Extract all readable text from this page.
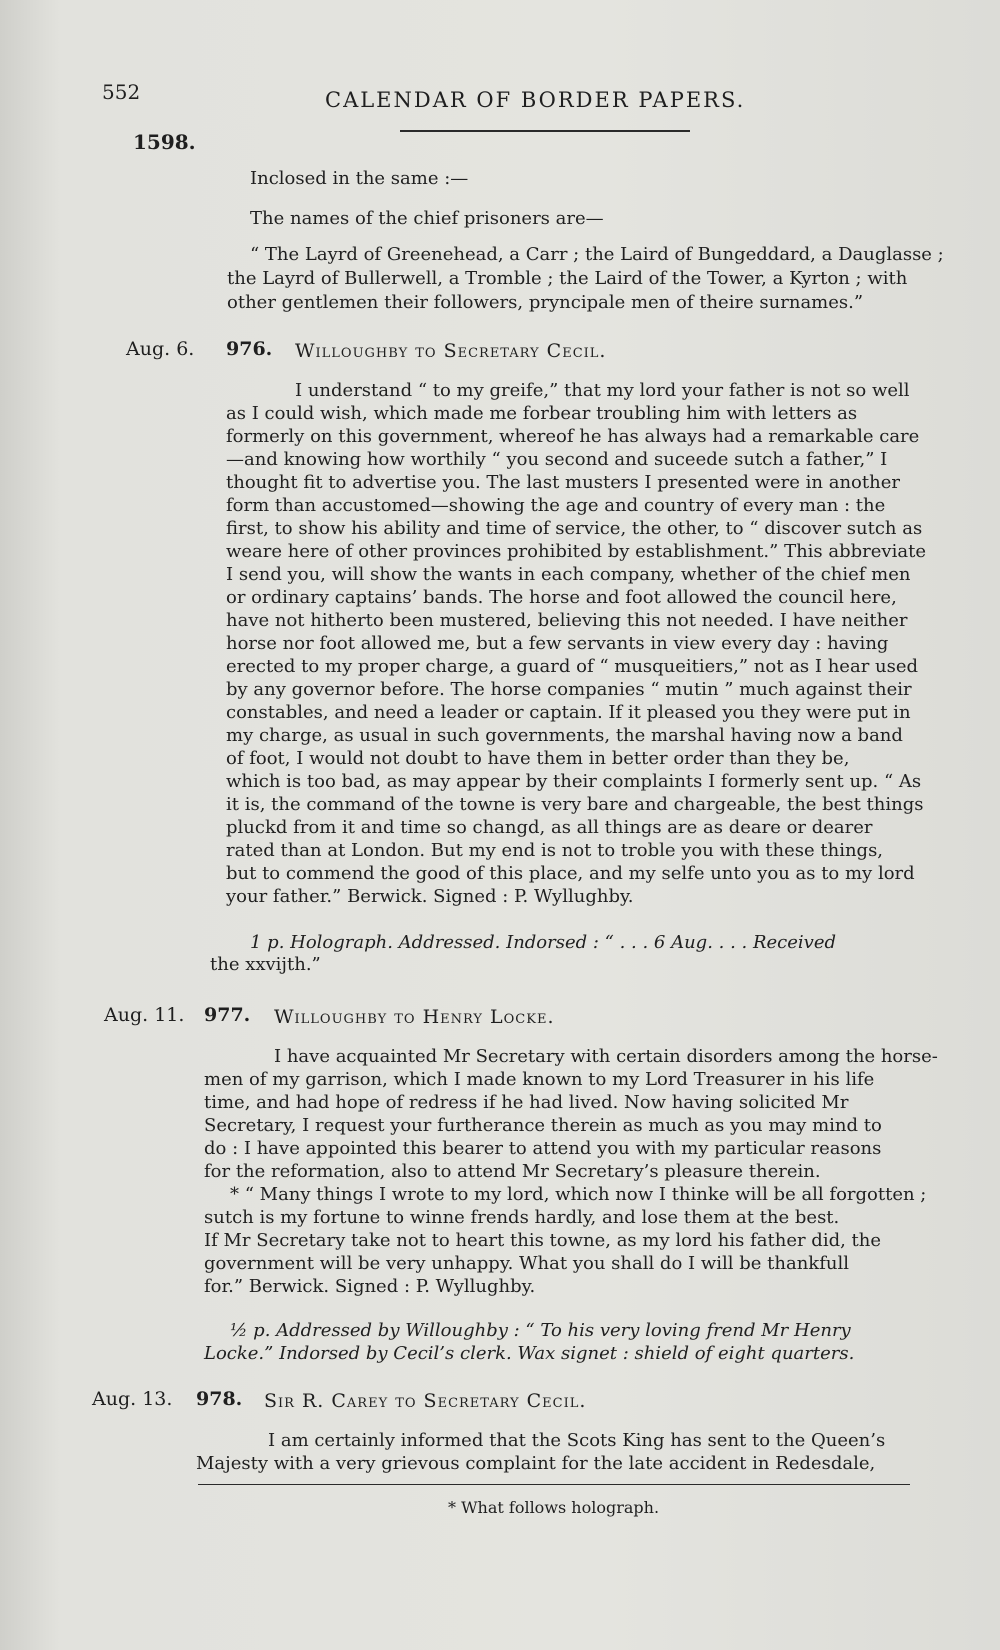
552	CALENDAR OF BORDER PAPERS.
1598.
Inclosed in the same :—
The names of the chief prisoners are—
“ The Layrd of Greenehead, a Carr ; the Laird of Bungeddard, a Dauglasse ;
the Layrd of Bullerwell, a Tromble ; the Laird of the Tower, a Kyrton ; with
other gentlemen their followers, pryncipale men of theire surnames.”
Aug. 6. 976. Willoughby to Secretary Cecil.
I understand “ to my greife,” that my lord your father is not so well
as I could wish, which made me forbear troubling him with letters as
formerly on this government, whereof he has always had a remarkable care
—and knowing how worthily “ you second and suceede sutch a father,” I
thought fit to advertise you. The last musters I presented were in another
form than accustomed—showing the age and country of every man : the
first, to show his ability and time of service, the other, to “ discover sutch as
weare here of other provinces prohibited by establishment.” This abbreviate
I send you, will show the wants in each company, whether of the chief men
or ordinary captains’ bands. The horse and foot allowed the council here,
have not hitherto been mustered, believing this not needed. I have neither
horse nor foot allowed me, but a few servants in view every day : having
erected to my proper charge, a guard of “ musqueitiers,” not as I hear used
by any governor before. The horse companies “ mutin ” much against their
constables, and need a leader or captain. If it pleased you they were put in
my charge, as usual in such governments, the marshal having now a band
of foot, I would not doubt to have them in better order than they be,
which is too bad, as may appear by their complaints I formerly sent up. “ As
it is, the command of the towne is very bare and chargeable, the best things
pluckd from it and time so changd, as all things are as deare or dearer
rated than at London. But my end is not to troble you with these things,
but to commend the good of this place, and my selfe unto you as to my lord
your father.” Berwick. Signed : P. Wyllughby.
1 p. Holograph. Addressed. Indorsed : “ . . . 6 Aug. . . . Received
the xxvijth.”
Aug. 11. 977. Willoughby to Henry Locke.
I have acquainted Mr Secretary with certain disorders among the horse-
men of my garrison, which I made known to my Lord Treasurer in his life
time, and had hope of redress if he had lived. Now having solicited Mr
Secretary, I request your furtherance therein as much as you may mind to
do : I have appointed this bearer to attend you with my particular reasons
for the reformation, also to attend Mr Secretary’s pleasure therein.
* “ Many things I wrote to my lord, which now I thinke will be all forgotten ;
sutch is my fortune to winne frends hardly, and lose them at the best.
If Mr Secretary take not to heart this towne, as my lord his father did, the
government will be very unhappy. What you shall do I will be thankfull
for.” Berwick. Signed : P. Wyllughby.
½ p. Addressed by Willoughby : “ To his very loving frend Mr Henry
Locke.” Indorsed by Cecil’s clerk. Wax signet : shield of eight quarters.
Aug. 13. 978. Sir R. Carey to Secretary Cecil.
I am certainly informed that the Scots King has sent to the Queen’s
Majesty with a very grievous complaint for the late accident in Redesdale,
* What follows holograph.
